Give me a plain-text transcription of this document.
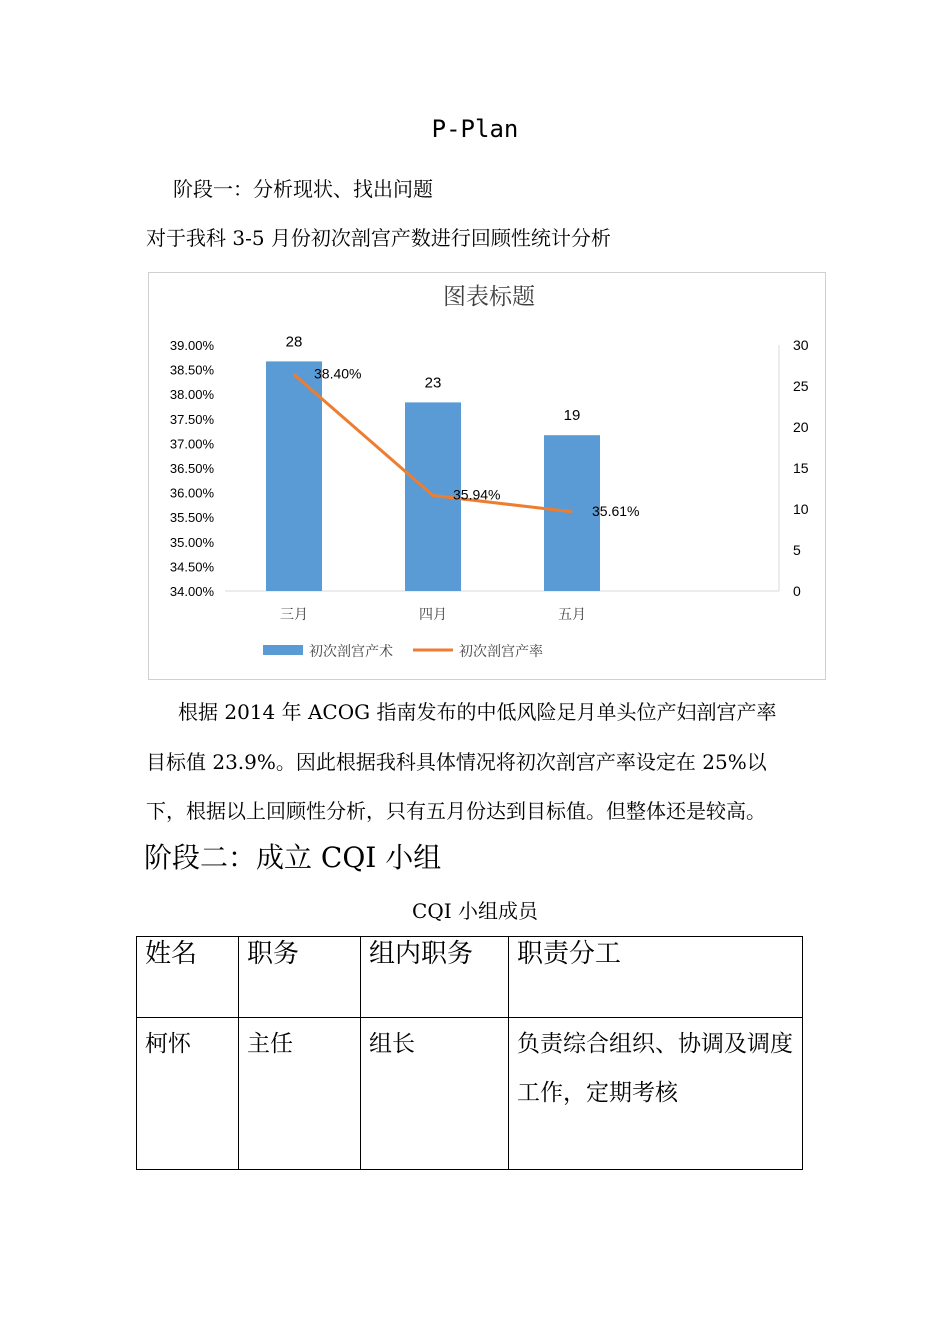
P-Plan
阶段一：分析现状、找出问题
对于我科 3-5 月份初次剖宫产数进行回顾性统计分析
图表标题
34.00%
34.50%
35.00%
35.50%
36.00%
36.50%
37.00%
37.50%
38.00%
38.50%
39.00%
0
5
10
15
20
25
30
28
23
19
38.40%
35.94%
35.61%
三月	四月	五月
初次剖宫产术	初次剖宫产率
根据 2014 年 ACOG 指南发布的中低风险足月单头位产妇剖宫产率
目标值 23.9%。因此根据我科具体情况将初次剖宫产率设定在 25%以
下，根据以上回顾性分析，只有五月份达到目标值。但整体还是较高。
阶段二：成立 CQI 小组
CQI 小组成员
姓名	职务	组内职务	职责分工
柯怀	主任	组长	负责综合组织、协调及调度工作，定期考核
